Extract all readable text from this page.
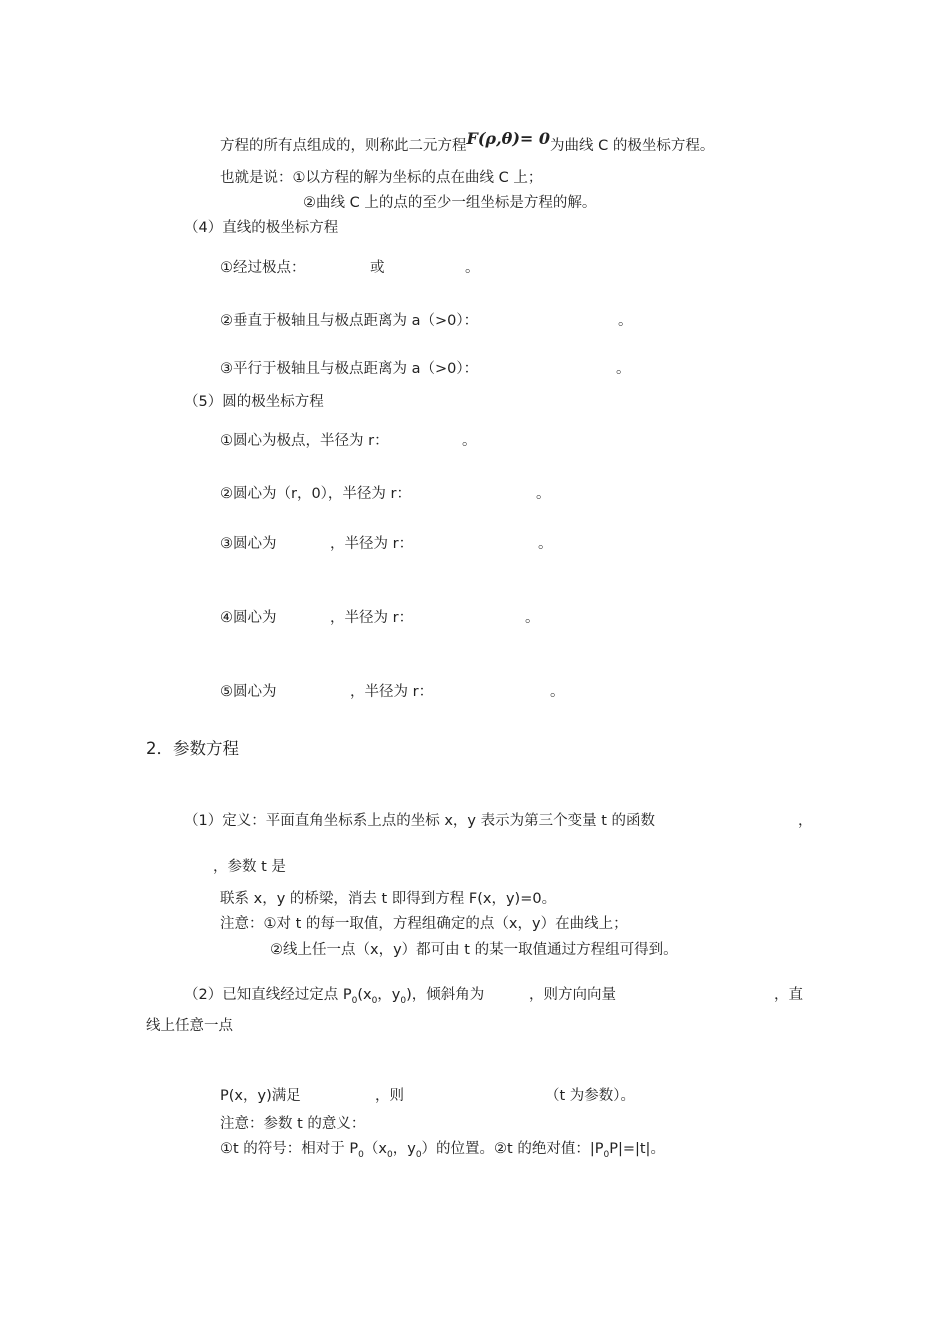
方程的所有点组成的，则称此二元方程F(ρ,θ)= 0为曲线 C 的极坐标方程。
也就是说：①以方程的解为坐标的点在曲线 C 上；
②曲线 C 上的点的至少一组坐标是方程的解。
（4）直线的极坐标方程
①经过极点：	或	。
②垂直于极轴且与极点距离为 a（>0）：	。
③平行于极轴且与极点距离为 a（>0）：	。
（5）圆的极坐标方程
①圆心为极点，半径为 r：	。
②圆心为（r，0），半径为 r：	。
③圆心为	，半径为 r：	。
④圆心为	，半径为 r：	。
⑤圆心为	，半径为 r：	。
2．参数方程
（1）定义：平面直角坐标系上点的坐标 x，y 表示为第三个变量 t 的函数	，
，参数 t 是
联系 x，y 的桥梁，消去 t 即得到方程 F(x，y)=0。
注意：①对 t 的每一取值，方程组确定的点（x，y）在曲线上；
②线上任一点（x，y）都可由 t 的某一取值通过方程组可得到。
（2）已知直线经过定点 $P_0(x_0$，$y_0$)，倾斜角为	，则方向向量	，直
线上任意一点
P(x，y)满足	，则	（t 为参数）。
注意：参数 t 的意义：
①t 的符号：相对于 $P_0(x_0$，$y_0$）的位置。②t 的绝对值：$|P_0P|=|t|$。
